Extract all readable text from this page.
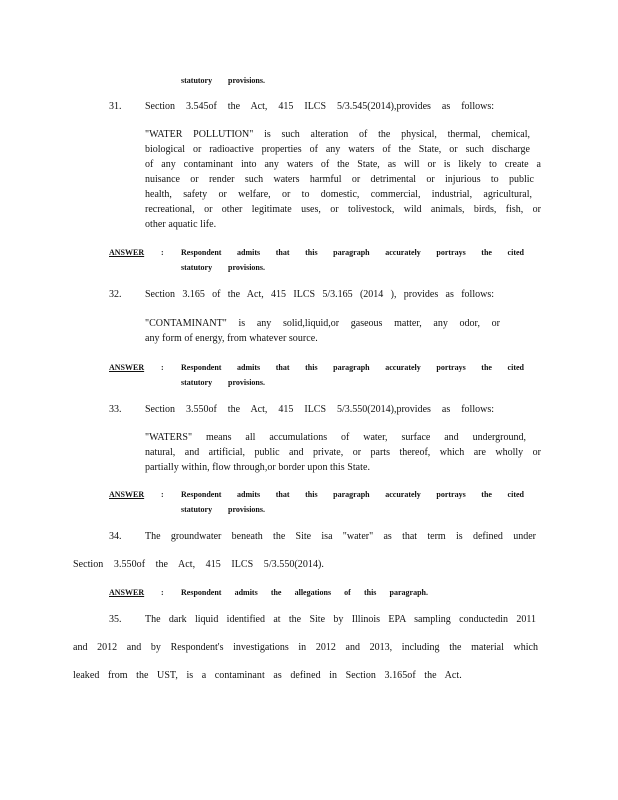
statutory provisions.
31. Section 3.545of the Act, 415 ILCS 5/3.545(2014),provides as follows:
"WATER POLLUTION" is such alteration of the physical, thermal, chemical,
biological or radioactive properties of any waters of the State, or such discharge
of any contaminant into any waters of the State, as will or is likely to create a
nuisance or render such waters harmful or detrimental or injurious to public
health, safety or welfare, or to domestic, commercial, industrial, agricultural,
recreational, or other legitimate uses, or tolivestock, wild animals, birds, fish, or
other aquatic life.
ANSWER	: Respondent admits that this paragraph accurately portrays the cited
statutory provisions.
32. Section 3.165 of the Act, 415 ILCS 5/3.165 (2014 ), provides as follows:
"CONTAMINANT" is any solid,liquid,or gaseous matter, any odor, or
any form of energy, from whatever source.
ANSWER	: Respondent admits that this paragraph accurately portrays the cited
statutory provisions.
33. Section 3.550of the Act, 415 ILCS 5/3.550(2014),provides as follows:
"WATERS" means all accumulations of water, surface and underground,
natural, and artificial, public and private, or parts thereof, which are wholly or
partially within, flow through,or border upon this State.
ANSWER	: Respondent admits that this paragraph accurately portrays the cited
statutory provisions.
34. The groundwater beneath the Site isa "water" as that term is defined under
Section 3.550of the Act, 415 ILCS 5/3.550(2014).
ANSWER	: Respondent admits the allegations of this paragraph.
35. The dark liquid identified at the Site by Illinois EPA sampling conductedin 2011
and 2012 and by Respondent's investigations in 2012 and 2013, including the material which
leaked from the UST, is a contaminant as defined in Section 3.165of the Act.
